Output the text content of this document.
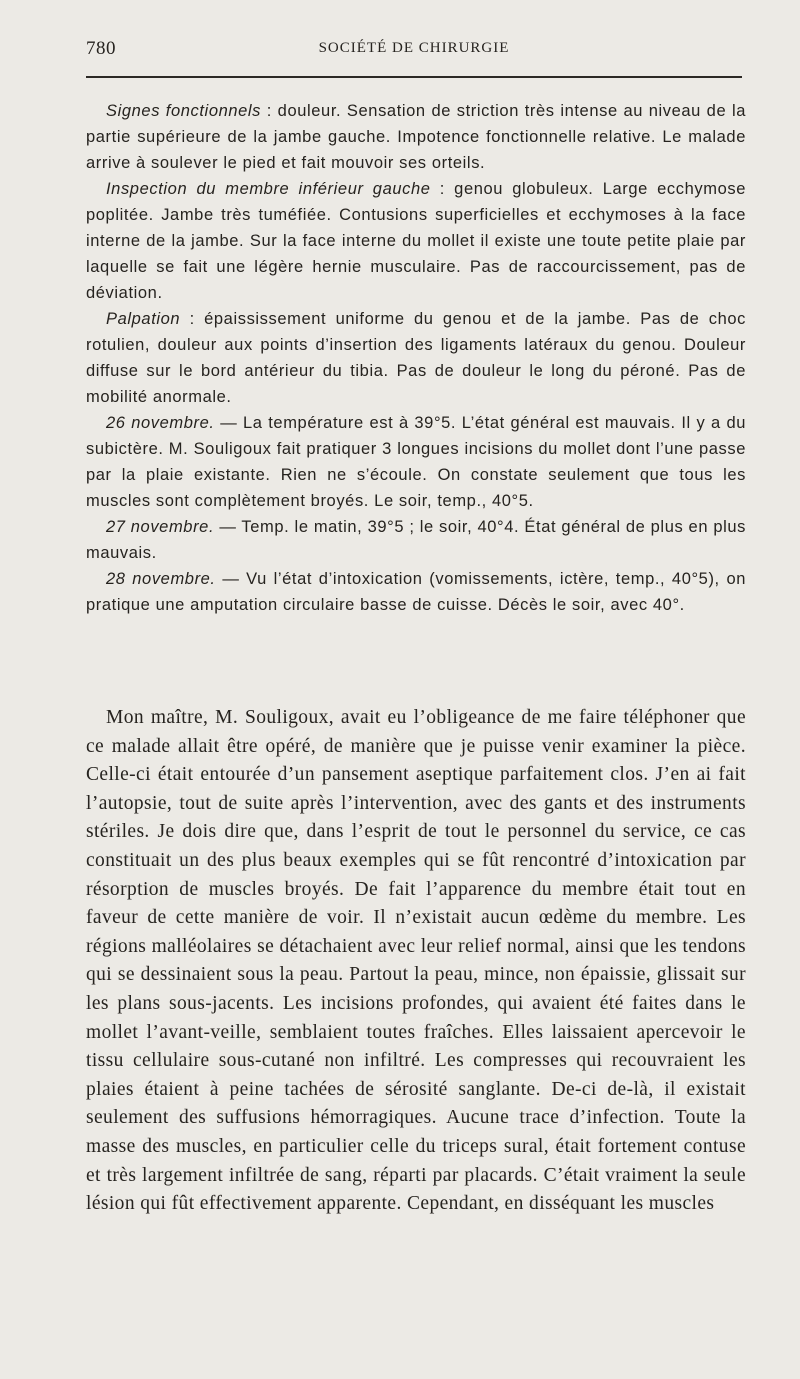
780	SOCIÉTÉ DE CHIRURGIE

Signes fonctionnels : douleur. Sensation de striction très intense au niveau de la partie supérieure de la jambe gauche. Impotence fonctionnelle relative. Le malade arrive à soulever le pied et fait mouvoir ses orteils.

Inspection du membre inférieur gauche : genou globuleux. Large ecchymose poplitée. Jambe très tuméfiée. Contusions superficielles et ecchymoses à la face interne de la jambe. Sur la face interne du mollet il existe une toute petite plaie par laquelle se fait une légère hernie musculaire. Pas de raccourcissement, pas de déviation.

Palpation : épaississement uniforme du genou et de la jambe. Pas de choc rotulien, douleur aux points d’insertion des ligaments latéraux du genou. Douleur diffuse sur le bord antérieur du tibia. Pas de douleur le long du péroné. Pas de mobilité anormale.

26 novembre. — La température est à 39°5. L’état général est mauvais. Il y a du subictère. M. Souligoux fait pratiquer 3 longues incisions du mollet dont l’une passe par la plaie existante. Rien ne s’écoule. On constate seulement que tous les muscles sont complètement broyés. Le soir, temp., 40°5.

27 novembre. — Temp. le matin, 39°5 ; le soir, 40°4. État général de plus en plus mauvais.

28 novembre. — Vu l’état d’intoxication (vomissements, ictère, temp., 40°5), on pratique une amputation circulaire basse de cuisse. Décès le soir, avec 40°.

Mon maître, M. Souligoux, avait eu l’obligeance de me faire téléphoner que ce malade allait être opéré, de manière que je puisse venir examiner la pièce. Celle-ci était entourée d’un pansement aseptique parfaitement clos. J’en ai fait l’autopsie, tout de suite après l’intervention, avec des gants et des instruments stériles. Je dois dire que, dans l’esprit de tout le personnel du service, ce cas constituait un des plus beaux exemples qui se fût rencontré d’intoxication par résorption de muscles broyés. De fait l’apparence du membre était tout en faveur de cette manière de voir. Il n’existait aucun œdème du membre. Les régions malléolaires se détachaient avec leur relief normal, ainsi que les tendons qui se dessinaient sous la peau. Partout la peau, mince, non épaissie, glissait sur les plans sous-jacents. Les incisions profondes, qui avaient été faites dans le mollet l’avant-veille, semblaient toutes fraîches. Elles laissaient apercevoir le tissu cellulaire sous-cutané non infiltré. Les compresses qui recouvraient les plaies étaient à peine tachées de sérosité sanglante. De-ci de-là, il existait seulement des suffusions hémorragiques. Aucune trace d’infection. Toute la masse des muscles, en particulier celle du triceps sural, était fortement contuse et très largement infiltrée de sang, réparti par placards. C’était vraiment la seule lésion qui fût effectivement apparente. Cependant, en disséquant les muscles
